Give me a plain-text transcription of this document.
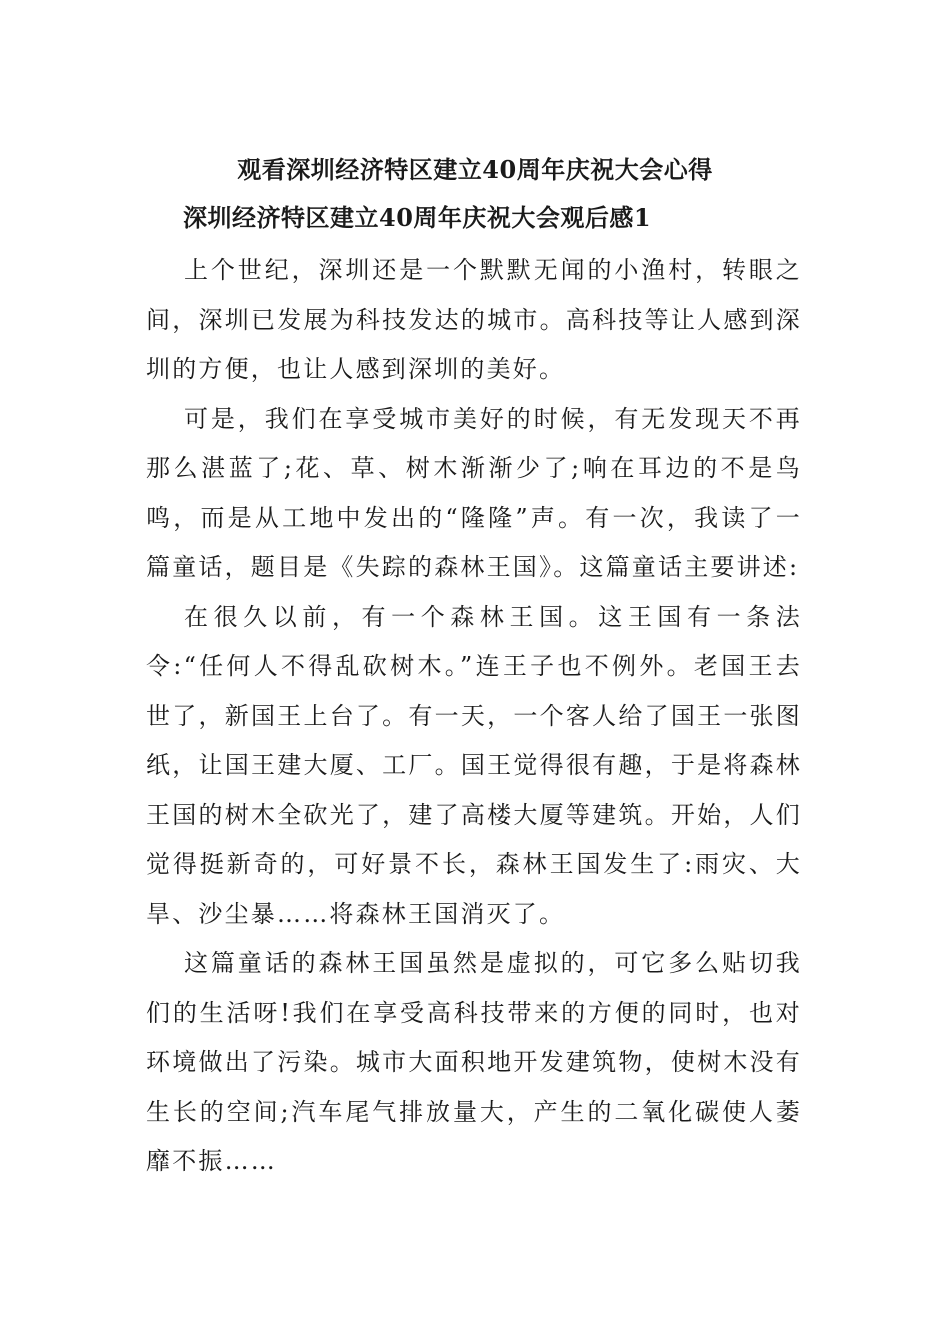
观看深圳经济特区建立40周年庆祝大会心得
深圳经济特区建立40周年庆祝大会观后感1

上个世纪，深圳还是一个默默无闻的小渔村，转眼之间，深圳已发展为科技发达的城市。高科技等让人感到深圳的方便，也让人感到深圳的美好。

可是，我们在享受城市美好的时候，有无发现天不再那么湛蓝了;花、草、树木渐渐少了;响在耳边的不是鸟鸣，而是从工地中发出的“隆隆”声。有一次，我读了一篇童话，题目是《失踪的森林王国》。这篇童话主要讲述:

在很久以前，有一个森林王国。这王国有一条法令:“任何人不得乱砍树木。”连王子也不例外。老国王去世了，新国王上台了。有一天，一个客人给了国王一张图纸，让国王建大厦、工厂。国王觉得很有趣，于是将森林王国的树木全砍光了，建了高楼大厦等建筑。开始，人们觉得挺新奇的，可好景不长，森林王国发生了:雨灾、大旱、沙尘暴……将森林王国消灭了。

这篇童话的森林王国虽然是虚拟的，可它多么贴切我们的生活呀!我们在享受高科技带来的方便的同时，也对环境做出了污染。城市大面积地开发建筑物，使树木没有生长的空间;汽车尾气排放量大，产生的二氧化碳使人萎靡不振……
